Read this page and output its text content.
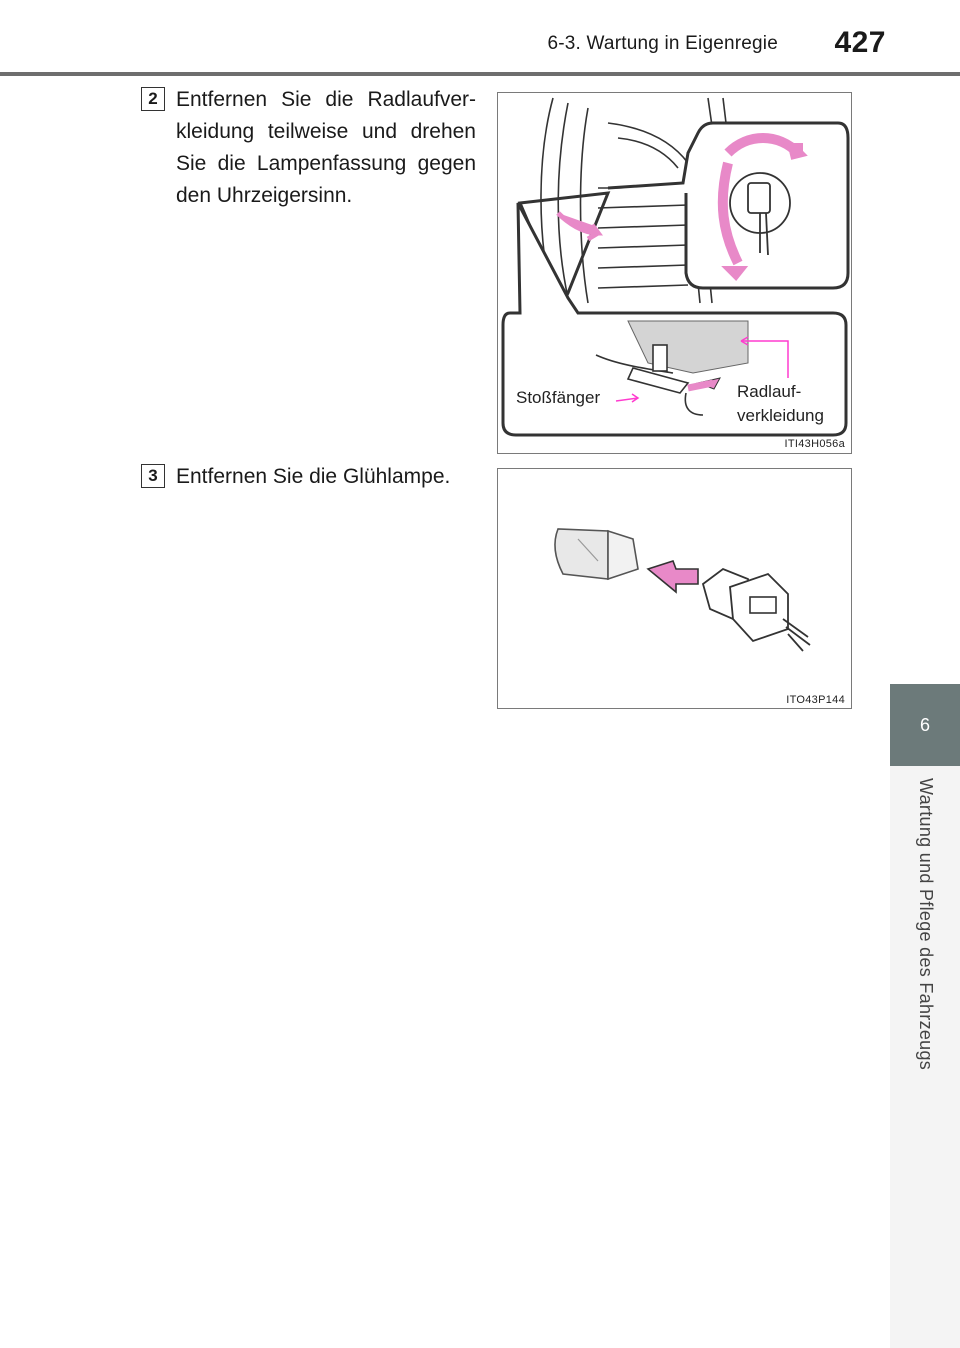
6-3. Wartung in Eigenregie 427
6
Wartung und Pflege des Fahrzeugs
2 Entfernen Sie die Radlaufver-kleidung teilweise und drehen Sie die Lampenfassung gegen den Uhrzeigersinn.
Stoßfänger	Radlauf-
verkleidung
ITI43H056a
3 Entfernen Sie die Glühlampe.
ITO43P144
